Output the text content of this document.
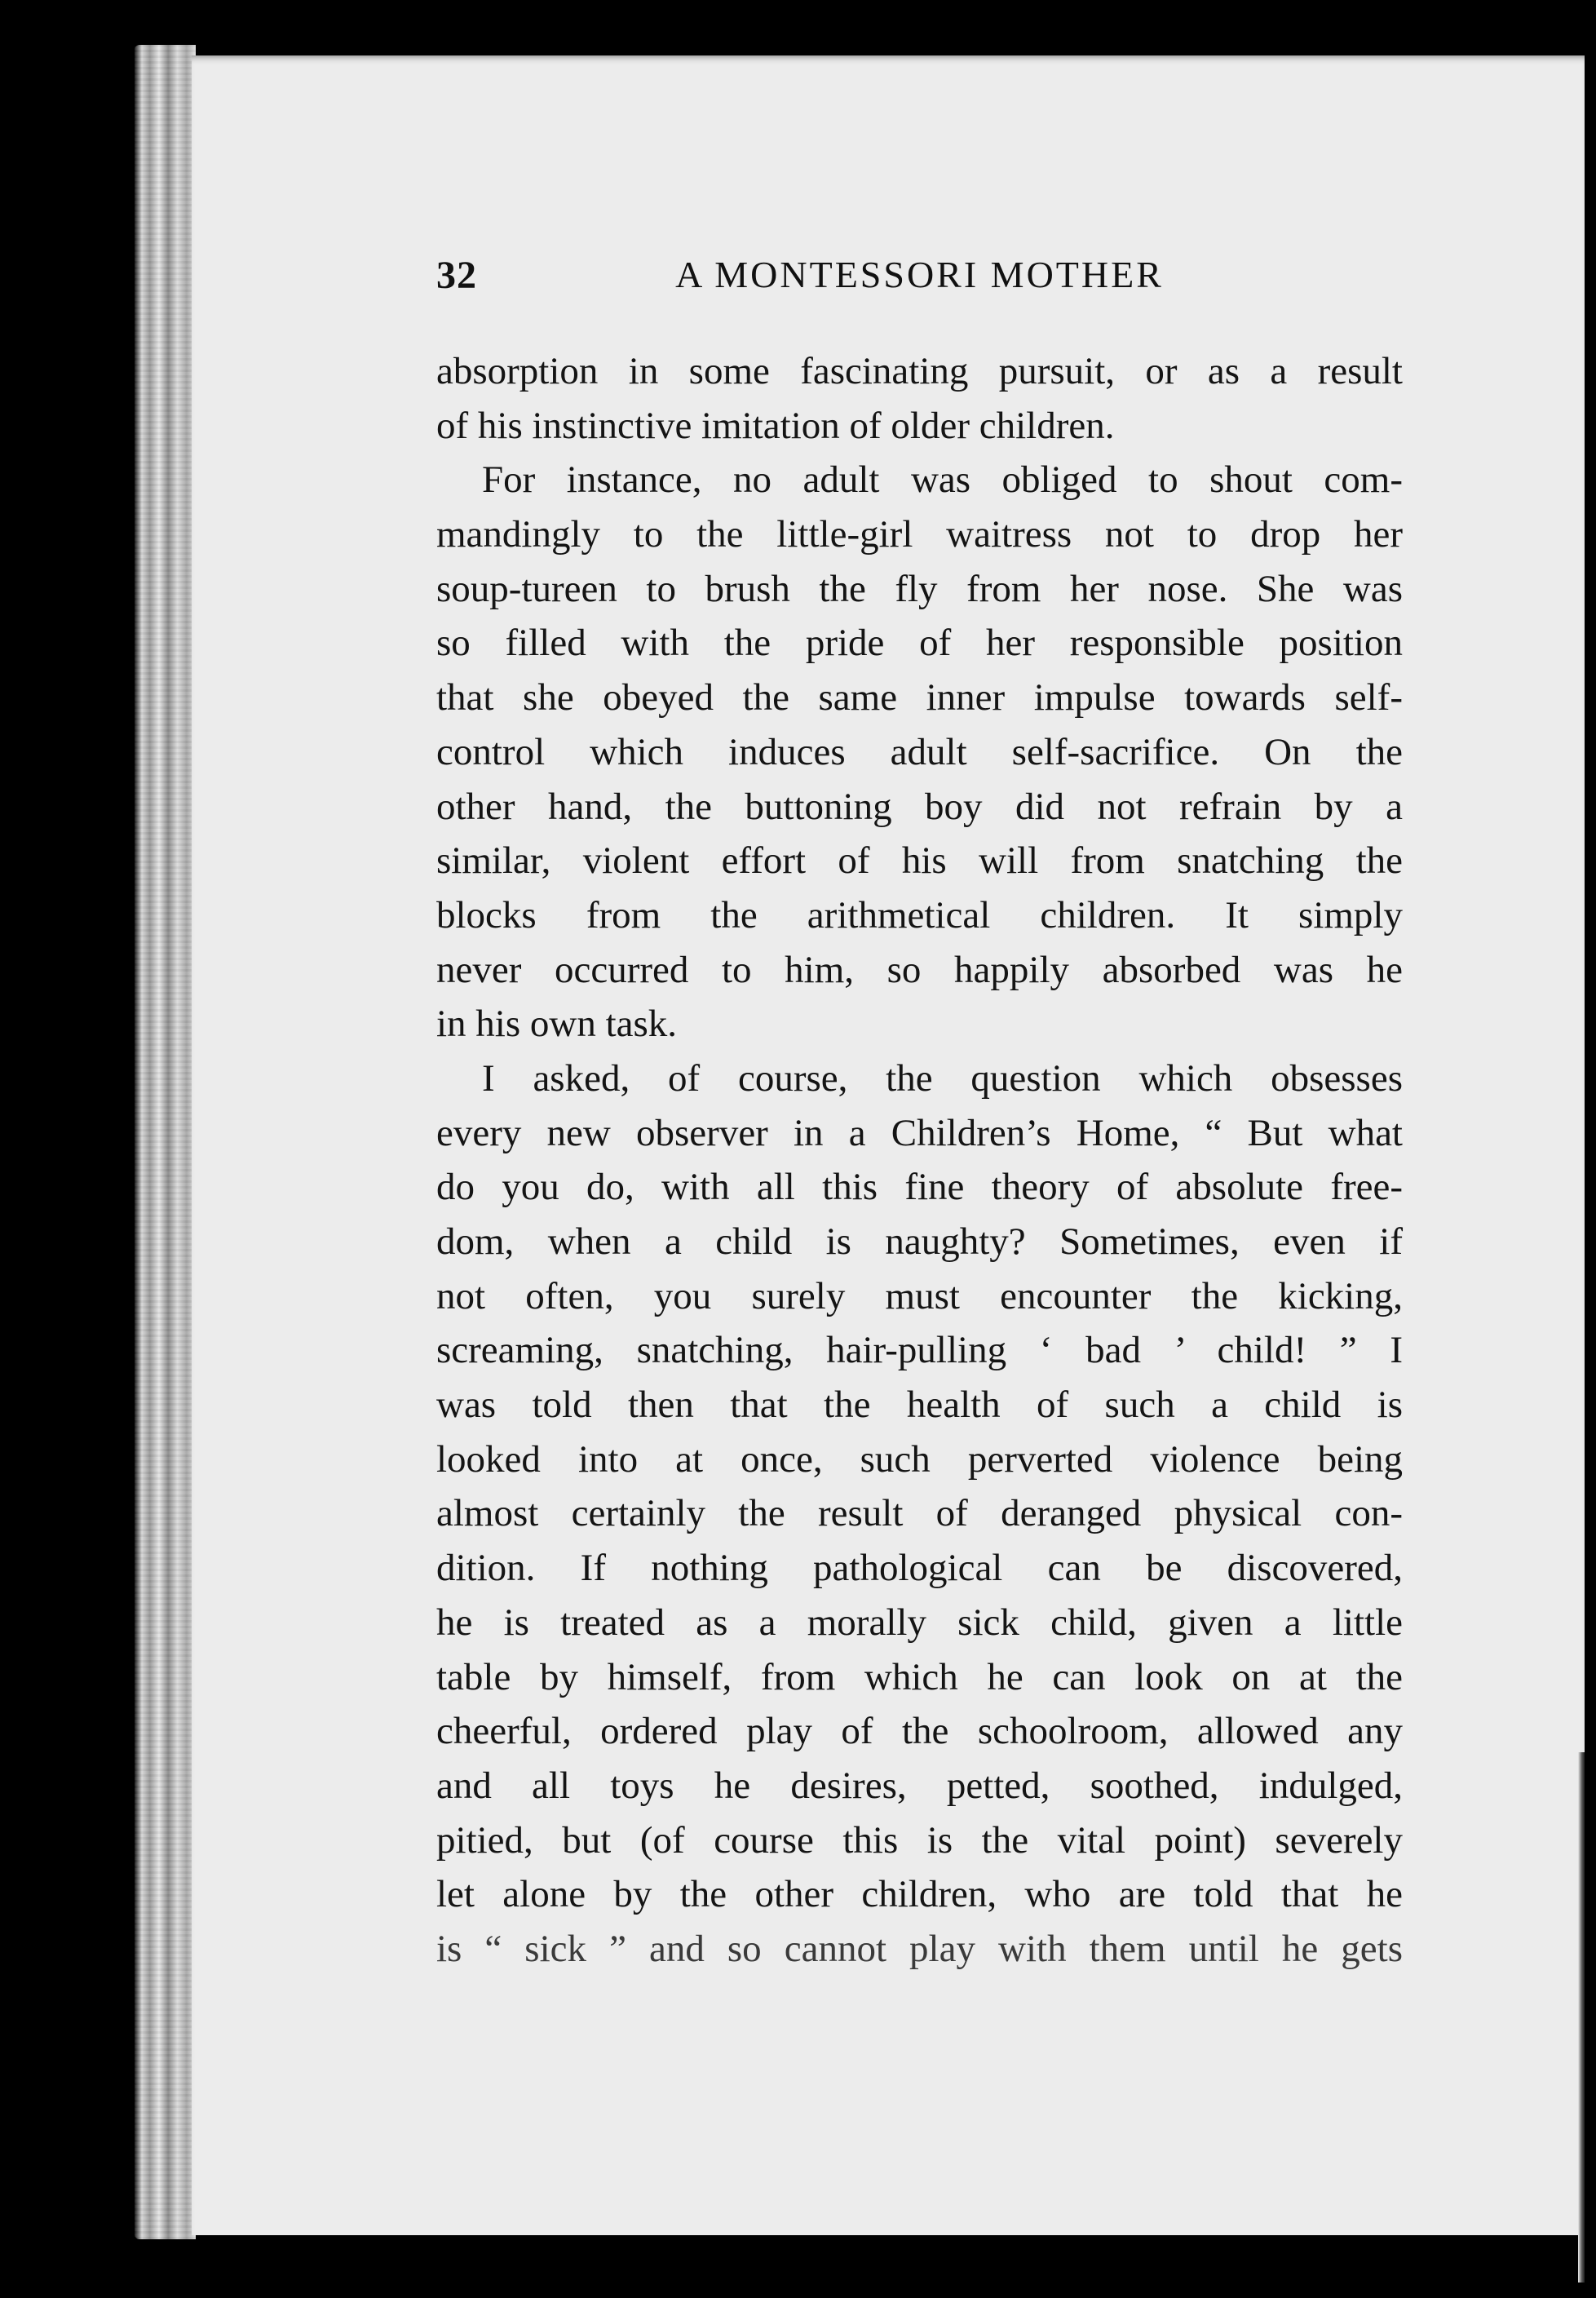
32	A MONTESSORI MOTHER
absorption in some fascinating pursuit, or as a result
of his instinctive imitation of older children.
For instance, no adult was obliged to shout com-
mandingly to the little-girl waitress not to drop her
soup-tureen to brush the fly from her nose. She was
so filled with the pride of her responsible position
that she obeyed the same inner impulse towards self-
control which induces adult self-sacrifice. On the
other hand, the buttoning boy did not refrain by a
similar, violent effort of his will from snatching the
blocks from the arithmetical children. It simply
never occurred to him, so happily absorbed was he
in his own task.
I asked, of course, the question which obsesses
every new observer in a Children’s Home, “ But what
do you do, with all this fine theory of absolute free-
dom, when a child is naughty? Sometimes, even if
not often, you surely must encounter the kicking,
screaming, snatching, hair-pulling ‘ bad ’ child! ” I
was told then that the health of such a child is
looked into at once, such perverted violence being
almost certainly the result of deranged physical con-
dition. If nothing pathological can be discovered,
he is treated as a morally sick child, given a little
table by himself, from which he can look on at the
cheerful, ordered play of the schoolroom, allowed any
and all toys he desires, petted, soothed, indulged,
pitied, but (of course this is the vital point) severely
let alone by the other children, who are told that he
is “ sick ” and so cannot play with them until he gets
